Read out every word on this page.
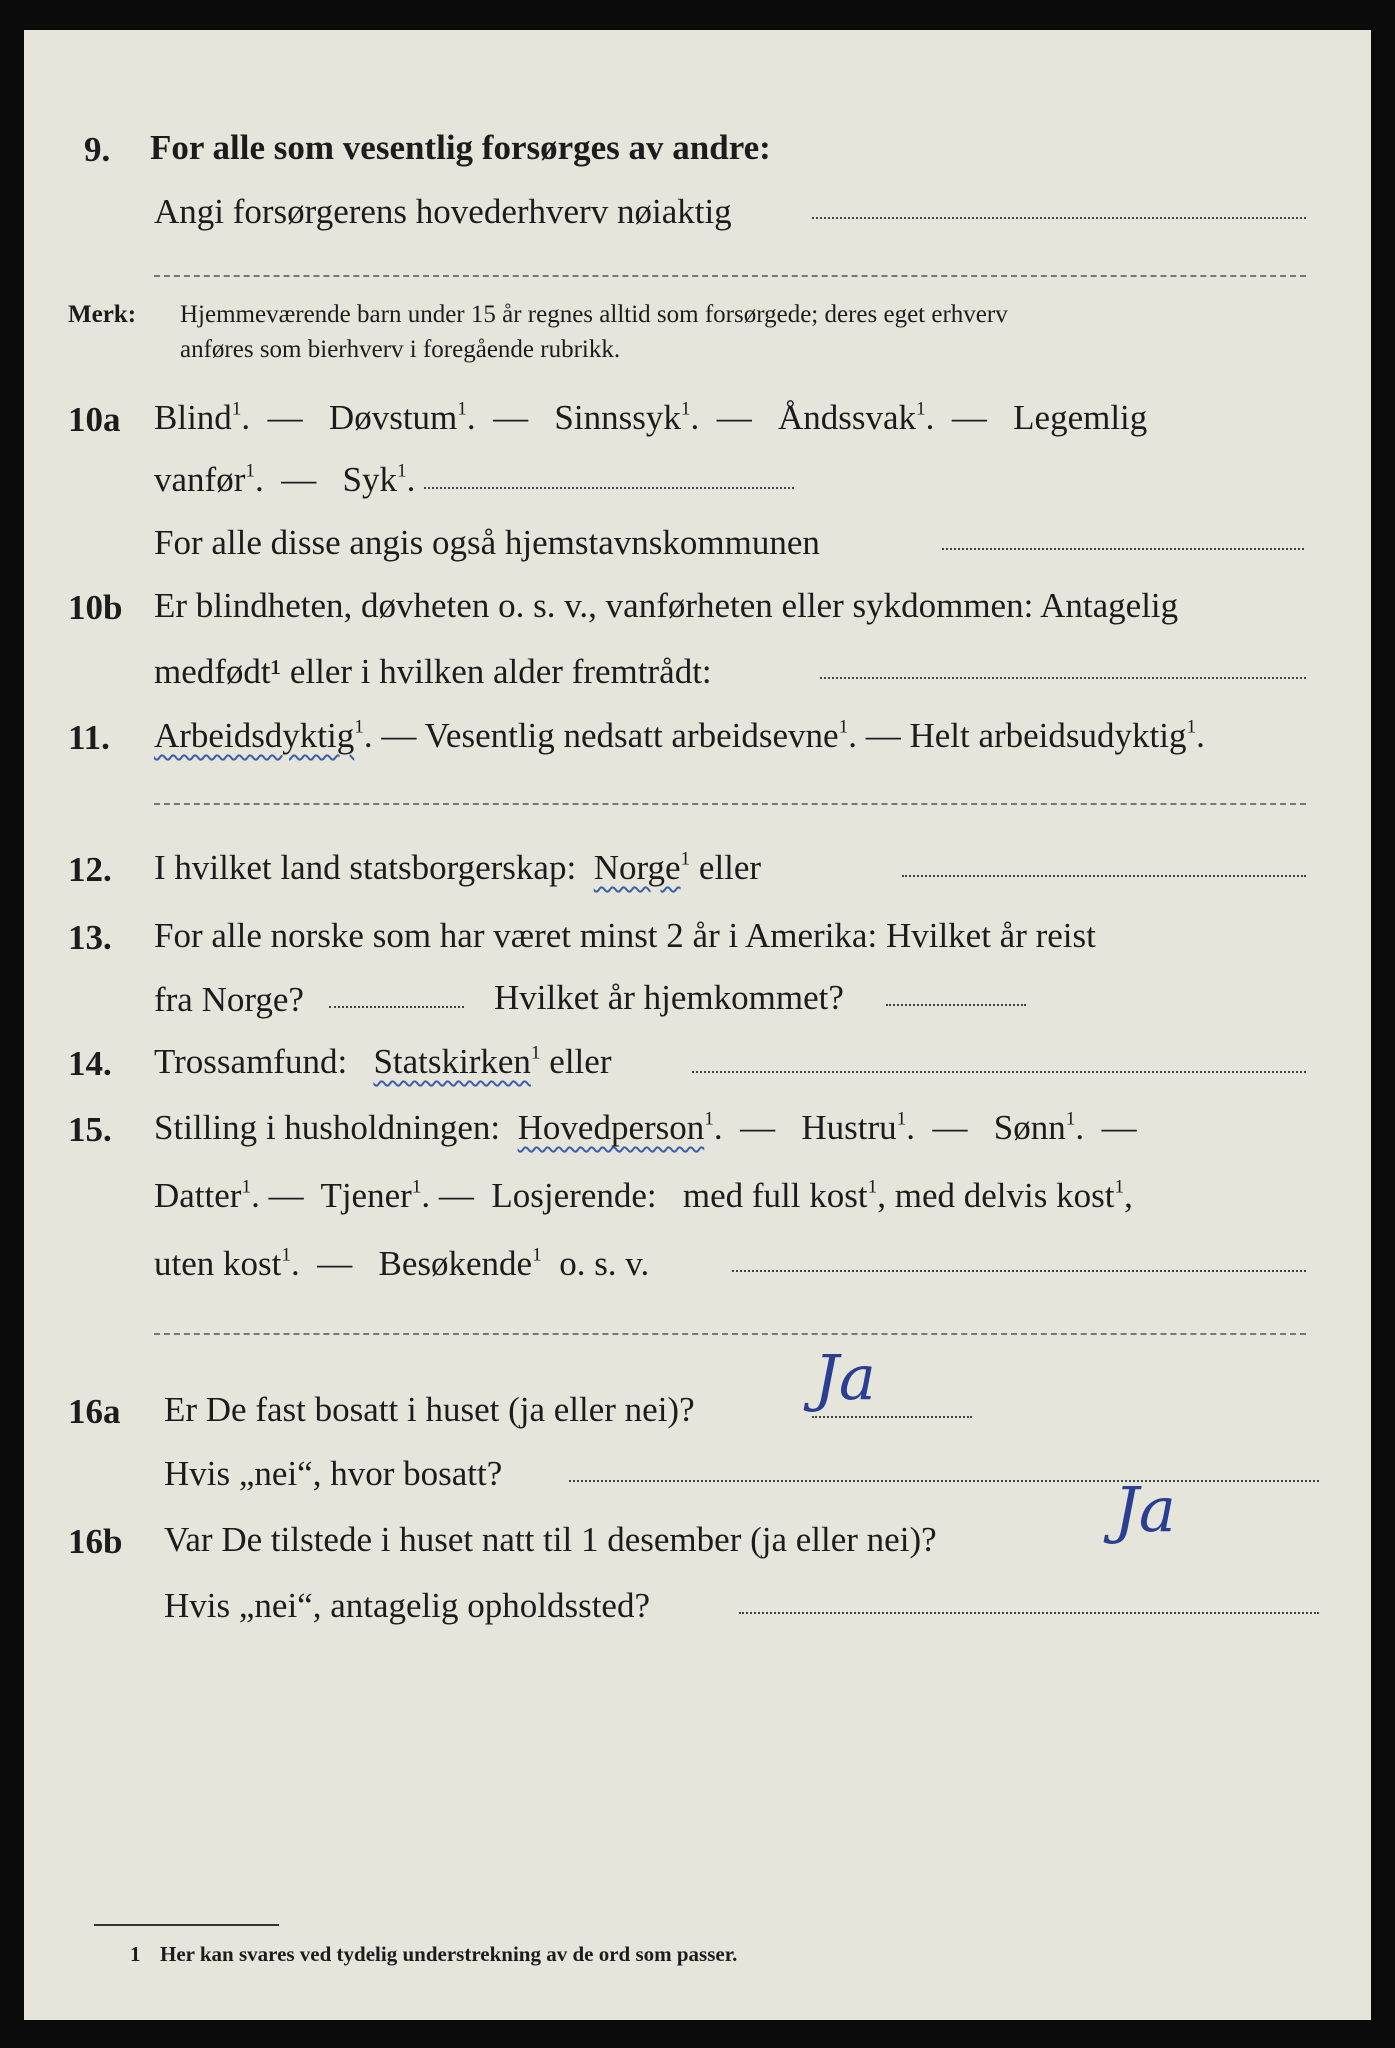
9. For alle som vesentlig forsørges av andre:
Angi forsørgerens hovederhverv nøiaktig
Merk: Hjemmeværende barn under 15 år regnes alltid som forsørgede; deres eget erhverv
anføres som bierhverv i foregående rubrikk.
10a Blind$^1$.  —   Døvstum$^1$.  —   Sinnssyk$^1$.  —   Åndssvak$^1$.  —   Legemlig
vanfør$^1$.  —   Syk$^1$.
For alle disse angis også hjemstavnskommunen
10b Er blindheten, døvheten o. s. v., vanførheten eller sykdommen: Antagelig
medfødt¹ eller i hvilken alder fremtrådt:
11. Arbeidsdyktig$^1$. — Vesentlig nedsatt arbeidsevne$^1$. — Helt arbeidsudyktig$^1$.
12. I hvilket land statsborgerskap: Norge$^1$ eller
13. For alle norske som har været minst 2 år i Amerika: Hvilket år reist
fra Norge?	Hvilket år hjemkommet?
14. Trossamfund: Statskirken$^1$ eller
15. Stilling i husholdningen: Hovedperson$^1$.  —   Hustru$^1$.  —   Sønn$^1$.  —
Datter$^1$. —  Tjener$^1$. —  Losjerende: med full kost$^1$, med delvis kost$^1$,
uten kost$^1$.  —   Besøkende$^1$ o. s. v.
16a Er De fast bosatt i huset (ja eller nei)? Ja
Hvis „nei“, hvor bosatt?
16b Var De tilstede i huset natt til 1 desember (ja eller nei)?	Ja
Hvis „nei“, antagelig opholdssted?
1 Her kan svares ved tydelig understrekning av de ord som passer.
